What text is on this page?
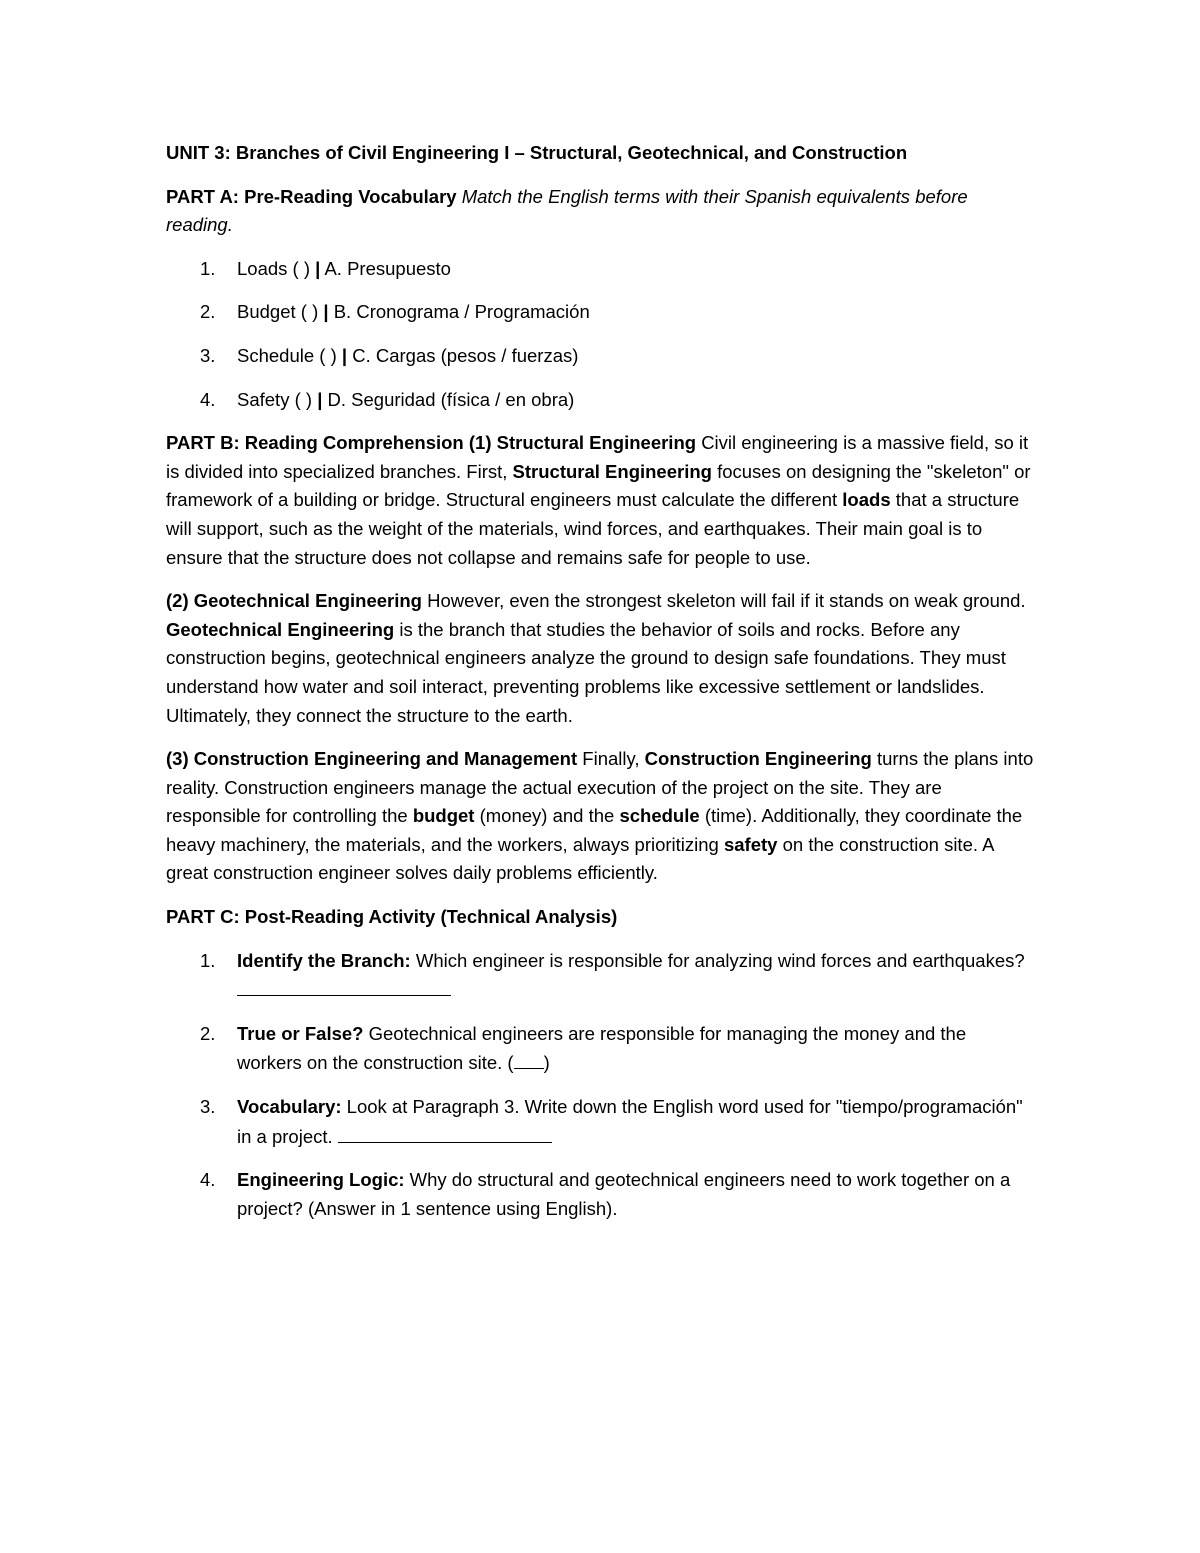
UNIT 3: Branches of Civil Engineering I – Structural, Geotechnical, and Construction

PART A: Pre-Reading Vocabulary Match the English terms with their Spanish equivalents before reading.

1. Loads ( ) | A. Presupuesto
2. Budget ( ) | B. Cronograma / Programación
3. Schedule ( ) | C. Cargas (pesos / fuerzas)
4. Safety ( ) | D. Seguridad (física / en obra)

PART B: Reading Comprehension (1) Structural Engineering Civil engineering is a massive field, so it is divided into specialized branches. First, Structural Engineering focuses on designing the "skeleton" or framework of a building or bridge. Structural engineers must calculate the different loads that a structure will support, such as the weight of the materials, wind forces, and earthquakes. Their main goal is to ensure that the structure does not collapse and remains safe for people to use.

(2) Geotechnical Engineering However, even the strongest skeleton will fail if it stands on weak ground. Geotechnical Engineering is the branch that studies the behavior of soils and rocks. Before any construction begins, geotechnical engineers analyze the ground to design safe foundations. They must understand how water and soil interact, preventing problems like excessive settlement or landslides. Ultimately, they connect the structure to the earth.

(3) Construction Engineering and Management Finally, Construction Engineering turns the plans into reality. Construction engineers manage the actual execution of the project on the site. They are responsible for controlling the budget (money) and the schedule (time). Additionally, they coordinate the heavy machinery, the materials, and the workers, always prioritizing safety on the construction site. A great construction engineer solves daily problems efficiently.

PART C: Post-Reading Activity (Technical Analysis)

1. Identify the Branch: Which engineer is responsible for analyzing wind forces and earthquakes?
2. True or False? Geotechnical engineers are responsible for managing the money and the workers on the construction site. ( )
3. Vocabulary: Look at Paragraph 3. Write down the English word used for "tiempo/programación" in a project.
4. Engineering Logic: Why do structural and geotechnical engineers need to work together on a project? (Answer in 1 sentence using English).
